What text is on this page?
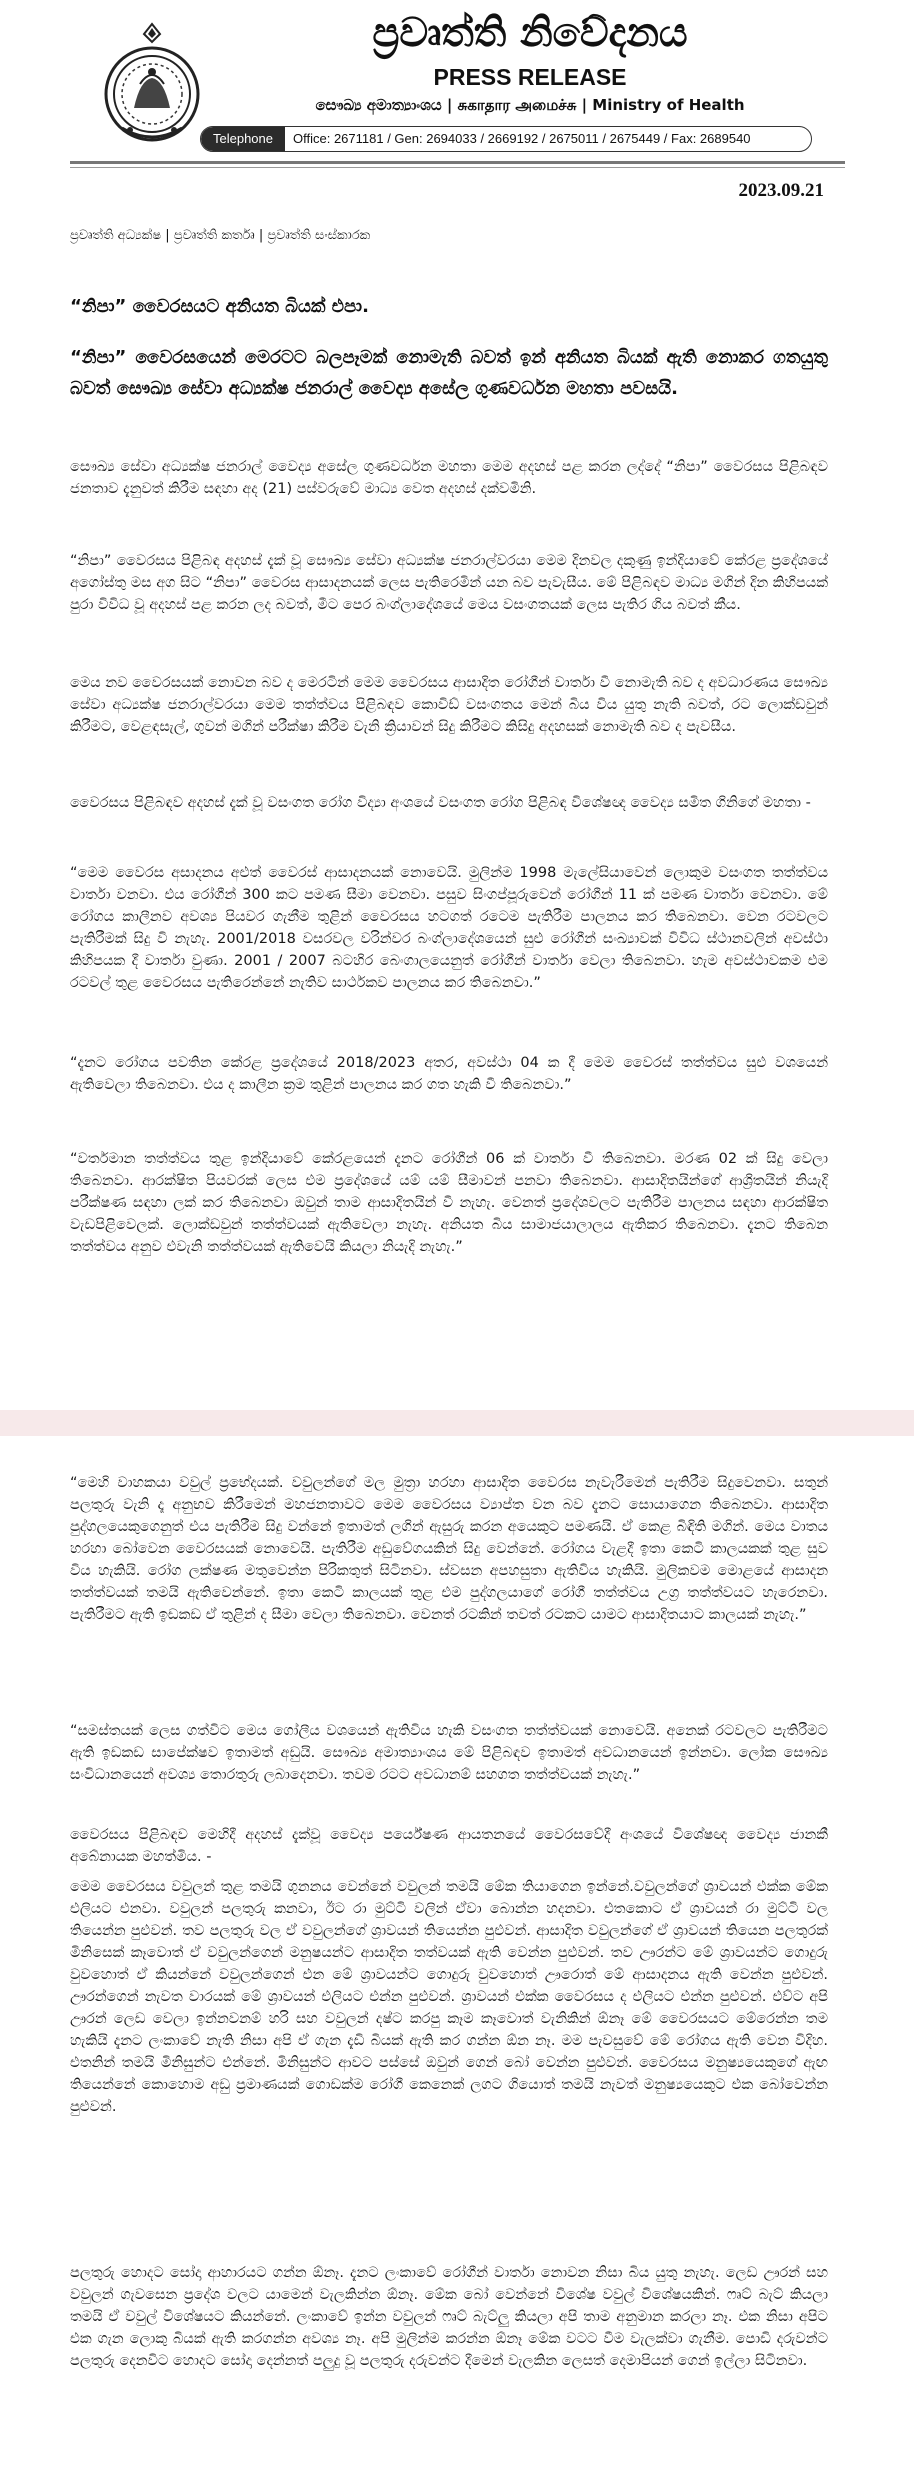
ප්‍රවෘත්ති නිවේදනය
PRESS RELEASE
සෞඛ්‍ය අමාත්‍යාංශය | சுகாதார அமைச்சு | Ministry of Health
Telephone	Office: 2671181 / Gen: 2694033 / 2669192 / 2675011 / 2675449 / Fax: 2689540
2023.09.21
ප්‍රවෘත්ති අධ්‍යක්ෂ | ප්‍රවෘත්ති කර්තෘ | ප්‍රවෘත්ති සංස්කාරක
“නිපා” වෛරසයට අනියත බියක් එපා.
“නිපා” වෛරසයෙන් මෙරටට බලපෑමක් නොමැති බවත් ඉන් අනියත බියක් ඇති නොකර ගතයුතු බවත් සෞඛ්‍ය සේවා අධ්‍යක්ෂ ජනරාල් වෛද්‍ය අසේල ගුණවර්ධන මහතා පවසයි.

සෞඛ්‍ය සේවා අධ්‍යක්ෂ ජනරාල් වෛද්‍ය අසේල ගුණවර්ධන මහතා මෙම අදහස් පළ කරන ලද්දේ “නිපා” වෛරසය පිළිබඳව ජනතාව දැනුවත් කිරීම සඳහා අද (21) පස්වරුවේ මාධ්‍ය වෙත අදහස් දක්වමිනි.

“නිපා” වෛරසය පිළිබඳ අදහස් දැක් වූ සෞඛ්‍ය සේවා අධ්‍යක්ෂ ජනරාල්වරයා මෙම දිනවල දකුණු ඉන්දියාවේ කේරළ ප්‍රදේශයේ අගෝස්තු මස අග සිට “නිපා” වෛරස ආසාදනයක් ලෙස පැතිරෙමින් යන බව පැවැසීය. මේ පිළිබඳව මාධ්‍ය මගින් දින කිහිපයක් පුරා විවිධ වූ අදහස් පළ කරන ලද බවත්, මීට පෙර බංග්ලාදේශයේ මෙය වසංගතයක් ලෙස පැතිර ගිය බවත් කීය.

මෙය නව වෛරසයක් නොවන බව ද මෙරටින් මෙම වෛරසය ආසාදිත රෝගීන් වාර්තා වී නොමැති බව ද අවධාරණය සෞඛ්‍ය සේවා අධ්‍යක්ෂ ජනරාල්වරයා මෙම තත්ත්වය පිළිබඳව කොවිඩ් වසංගතය මෙන් බිය විය යුතු නැති බවත්, රට ලොක්ඩවුන් කිරීමට, වෙළඳසැල්, ගුවන් මගින් පරීක්ෂා කිරීම වැනි ක්‍රියාවන් සිදු කිරීමට කිසිදු අදහසක් නොමැති බව ද පැවසීය.

වෛරසය පිළිබඳව අදහස් දැක් වූ වසංගත රෝග විද්‍යා අංශයේ වසංගත රෝග පිළිබඳ විශේෂඥ වෛද්‍ය සමිත ගිනිගේ මහතා -

“මෙම වෛරස අසාදනය අළුත් වෛරස් ආසාදනයක් නොවෙයි. මුලින්ම 1998 මැලේසියාවෙන් ලොකුම වසංගත තත්ත්වය වාර්තා වනවා. එය රෝගීන් 300 කට පමණ සීමා වෙනවා. පසුව සිංගප්පූරුවෙන් රෝගීන් 11 ක් පමණ වාර්තා වෙනවා. මේ රෝගය කාලීනව අවශ්‍ය පියවර ගැනීම තුළින් වෛරසය හටගත් රටෙම පැතිරීම පාලනය කර තිබෙනවා. වෙන රටවලට පැතිරීමක් සිදු වි නැහැ. 2001/2018 වසරවල වරින්වර බංග්ලාදේශයෙන් සුළු රෝගීන් සංඛ්‍යාවක් විවිධ ස්ථානවලින් අවස්ථා කිහිපයක දී වාර්තා වුණා. 2001 / 2007 බටහිර බෙංගාලයෙනුත් රෝගීන් වාර්තා වෙලා තිබෙනවා. හැම අවස්ථාවකම එම රටවල් තුළ වෛරසය පැතිරෙන්නේ නැතිව සාර්ථකව පාලනය කර තිබෙනවා.”

“දැනට රෝගය පවතින කේරළ ප්‍රදේශයේ 2018/2023 අතර, අවස්ථා 04 ක දී මෙම වෛරස් තත්ත්වය සුළු වශයෙන් ඇතිවෙලා තිබෙනවා. එය ද කාලීන ක්‍රම තුළින් පාලනය කර ගත හැකි වී තිබෙනවා.”

“වර්තමාන තත්ත්වය තුළ ඉන්දියාවේ කේරළයෙන් දැනට රෝගීන් 06 ක් වාර්තා වී තිබෙනවා. මරණ 02 ක් සිදු වෙලා තිබෙනවා. ආරක්ෂිත පියවරක් ලෙස එම ප්‍රදේශයේ යම් යම් සීමාවන් පනවා තිබෙනවා. ආසාදිතයින්ගේ ආශ්‍රිතයින් නියැදි පරීක්ෂණ සඳහා ලක් කර තිබෙනවා ඔවුන් තාම ආසාදිතයින් වී නැහැ. වෙනත් ප්‍රදේශවලට පැතිරීම පාලනය සඳහා ආරක්ෂිත වැඩපිළිවෙලක්. ලොක්ඩවුන් තත්ත්වයක් ඇතිවෙලා නැහැ. අනියත බිය සාමාජයාලාලය ඇතිකර තිබෙනවා. දැනට තිබෙන තත්ත්වය අනුව එවැනි තත්ත්වයක් ඇතිවෙයි කියලා නියැදි නැහැ.”

“මෙහි වාහකයා වවුල් ප්‍රභේදයක්. වවුලන්ගේ මල මුත්‍රා හරහා ආසාදිත වෛරස නැවැරීමෙන් පැතිරීම සිදුවෙනවා. සතුන් පලතුරු වැනි දෑ අනුභව කිරීමෙන් මහජනතාවට මෙම වෛරසය ව්‍යාප්ත වන බව දැනට සොයාගෙන තිබෙනවා. ආසාදිත පුද්ගලයෙකුගෙනුත් එය පැතිරීම සිදු වන්නේ ඉතාමත් ලගින් ඇසුරු කරන අයෙකුට පමණයි. ඒ කෙළ බිඳිති මගින්. මෙය වාතය හරහා බෝවෙන වෛරසයක් නොවෙයි. පැතිරීම අඩුවේගයකින් සිදු වෙන්නේ. රෝගය වැළදී ඉතා කෙටි කාලයකක් තුළ සුව විය හැකියි. රෝග ලක්ෂණ මතුවෙන්න පිරිකතුත් සිටිනවා. ස්වසන අපහසුතා ඇතිවිය හැකියි. මුලිකවම මොළයේ ආසාදන තත්ත්වයක් තමයි ඇතිවෙන්නේ. ඉතා කෙටි කාලයක් තුළ එම පුද්ගලයාගේ රෝගී තත්ත්වය උග්‍ර තත්ත්වයට හැරෙනවා. පැතිරීමට ඇති ඉඩකඩ ඒ තුළින් ද සීමා වෙලා තිබෙනවා. වෙනත් රටකින් තවත් රටකට යාමට ආසාදිතයාට කාලයක් නැහැ.”

“සමස්තයක් ලෙස ගත්විට මෙය ගෝලීය වශයෙන් ඇතිවිය හැකි වසංගත තත්ත්වයක් නොවෙයි. අනෙක් රටවලට පැතිරීමට ඇති ඉඩකඩ සාපේක්ෂව ඉතාමත් අඩුයි. සෞඛ්‍ය අමාත්‍යාංශය මේ පිළිබඳව ඉතාමත් අවධානයෙන් ඉන්නවා. ලෝක සෞඛ්‍ය සංවිධානයෙන් අවශ්‍ය තොරතුරු ලබාදෙනවා. තවම රටට අවධානම් සහගත තත්ත්වයක් නැහැ.”

වෛරසය පිළිබඳව මෙහිදී අදහස් දැක්වූ වෛද්‍ය පර්යේෂණ ආයතනයේ වෛරසවේදී අංශයේ විශේෂඥ වෛද්‍ය ජානකී අබේනායක මහත්මිය. -

මෙම වෛරසය වවුලන් තුළ තමයි ගුනනය වෙන්නේ වවුලන් තමයි මේක තියාගෙන ඉන්නේ.වවුලන්ගේ ශ්‍රාවයන් එක්ක මේක එලියට එනවා. වවුලන් පලතුරු කනවා, ඊට රා මුට්ටි වලින් ඒවා බොන්න හදනවා. එතකොට ඒ ශ්‍රාවයන් රා මුට්ටි වල තියෙන්න පුළුවන්. තව පලතුරු වල ඒ වවුලන්ගේ ශ්‍රාවයන් තියෙන්න පුළුවන්. ආසාදිත වවුලන්ගේ ඒ ශ්‍රාවයන් තියෙන පලතුරක් මිනිසෙක් කෑවොත් ඒ වවුලන්ගෙන් මනුෂයන්ට ආසාදිත තත්වයක් ඇති වෙන්න පුළුවන්. තව ඌරන්ට මේ ශ්‍රාවයන්ට ගොදුරු වුවහොත් ඒ කියන්නේ වවුලන්ගෙන් එන මේ ශ්‍රාවයන්ට ගොදුරු වුවහොත් ඌරොත් මේ ආසාදනය ඇති වෙන්න පුළුවන්. ඌරන්ගෙන් නැවත වාරයක් මේ ශ්‍රාවයන් එලියට එන්න පුළුවන්. ශ්‍රාවයන් එක්ක වෛරසය ද එලියට එන්න පුළුවන්. එව්ට අපි ඌරන් ලෙඩ වෙලා ඉන්නවනම් හරි සහ වවුලන් දෂ්ට කරපු කෑම කෑවොත් වැනිකින් ඕනෑ මේ වෛරසයට මේරෙන්න තම හැකියි දැනට ලංකාවේ නැති නිසා අපි ඒ ගැන දැඩි බියක් ඇති කර ගන්න ඕන නෑ. මම පැවසුවේ මේ රෝගය ඇති වෙන විදිහ. එතනින් තමයි මිනිසුන්ට එන්නේ. මිනිසුන්ට ආවට පස්සේ ඔවුන් ගෙන් බෝ වෙන්න පුළුවන්. වෛරසය මනුෂ්‍යයෙකුගේ ඇඟ තියෙන්නේ කොහොම අඩු ප්‍රමාණයක් ගොඩක්ම රෝගී කෙනෙක් ලගට ගියොත් තමයි නැවත් මනුෂ්‍යයෙකුට එක බෝවෙන්න පුළුවන්.

පලතුරු හොදට සෝදා ආහාරයට ගන්න ඕනෑ. දැනට ලංකාවේ රෝගීන් වාර්තා නොවන නිසා බිය යුතු නැහැ. ලෙඩ ඌරන් සහ වවුලන් ගැවසෙන ප්‍රදේශ වලට යාමෙන් වැලකින්න ඕනෑ. මේක බෝ වෙන්නේ විශේෂ වවුල් විශේෂයකින්. ෆෘට් බැට් කියලා තමයි ඒ වවුල් විශේෂයට කියන්නේ. ලංකාවේ ඉන්න වවුලන් ෆෘට් බැට්ලු කියලා අපි තාම අනුමාන කරලා නෑ. එක නිසා අපිට එක ගැන ලොකු බියක් ඇති කරගන්න අවශ්‍ය නෑ. අපි මුලින්ම කරන්න ඕනෑ මේක වටට වීම වැලක්වා ගැනීම. පොඩි දරුවන්ට පලතුරු දෙනවිට හොදට සෝදා දෙන්නත් පලුදු වූ පලතුරු දරුවන්ට දීමෙන් වැලකින ලෙසත් දෙමාපියන් ගෙන් ඉල්ලා සිටිනවා.
